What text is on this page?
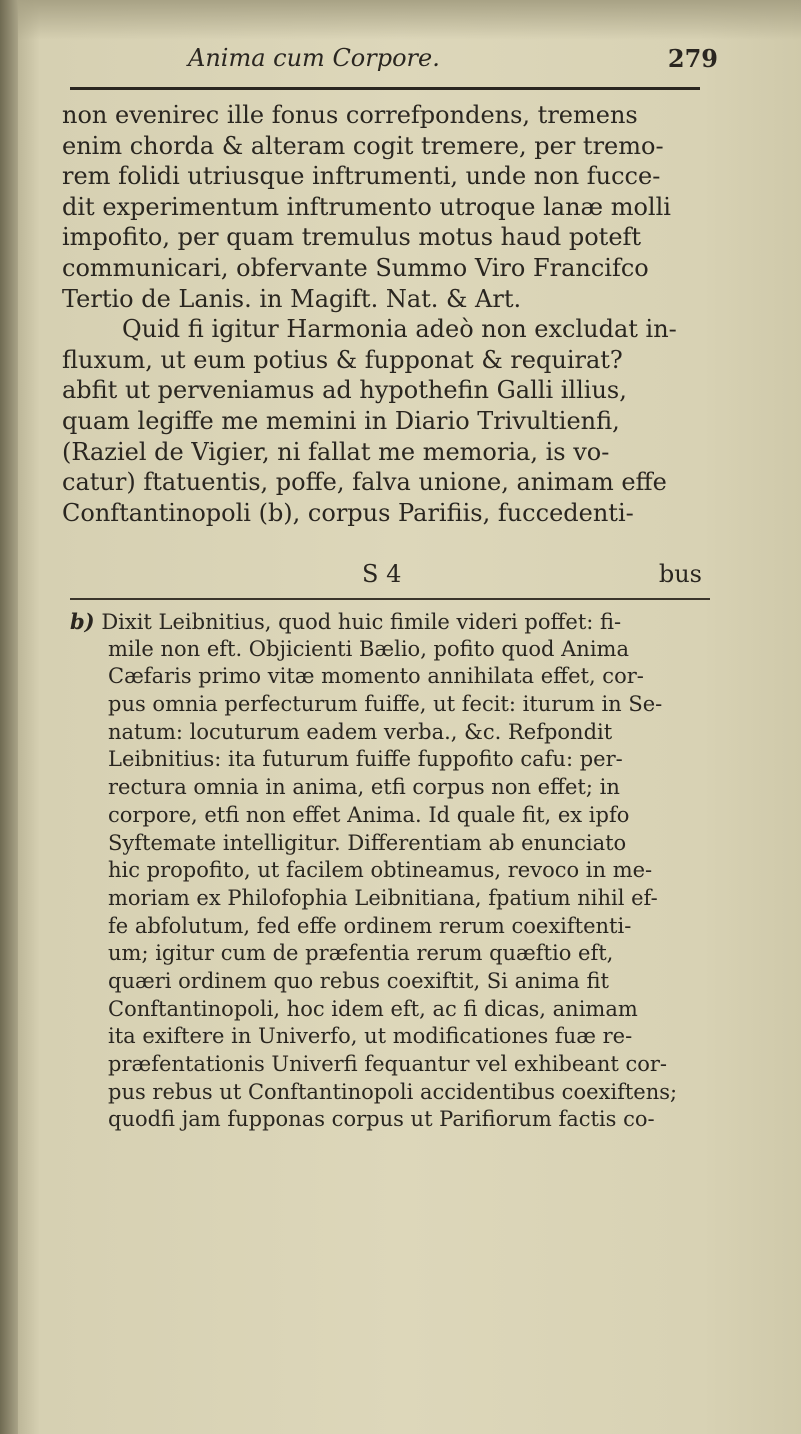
Anima cum Corpore.	279
non evenirec ille fonus correfpondens, tremens
enim chorda & alteram cogit tremere, per tremo-
rem folidi utriusque inftrumenti, unde non fucce-
dit experimentum inftrumento utroque lanæ molli
impofito, per quam tremulus motus haud poteft
communicari, obfervante Summo Viro Francifco
Tertio de Lanis. in Magift. Nat. & Art.
Quid fi igitur Harmonia adeò non excludat in-
fluxum, ut eum potius & fupponat & requirat?
abfit ut perveniamus ad hypothefin Galli illius,
quam legiffe me memini in Diario Trivultienfi,
(Raziel de Vigier, ni fallat me memoria, is vo-
catur) ftatuentis, poffe, falva unione, animam effe
Conftantinopoli (b), corpus Parifiis, fuccedenti-
S 4	bus
b) Dixit Leibnitius, quod huic fimile videri poffet: fi-
mile non eft. Objicienti Bælio, pofito quod Anima
Cæfaris primo vitæ momento annihilata effet, cor-
pus omnia perfecturum fuiffe, ut fecit: iturum in Se-
natum: locuturum eadem verba., &c. Refpondit
Leibnitius: ita futurum fuiffe fuppofito cafu: per-
rectura omnia in anima, etfi corpus non effet; in
corpore, etfi non effet Anima. Id quale fit, ex ipfo
Syftemate intelligitur. Differentiam ab enunciato
hic propofito, ut facilem obtineamus, revoco in me-
moriam ex Philofophia Leibnitiana, fpatium nihil ef-
fe abfolutum, fed effe ordinem rerum coexiftenti-
um; igitur cum de præfentia rerum quæftio eft,
quæri ordinem quo rebus coexiftit, Si anima fit
Conftantinopoli, hoc idem eft, ac fi dicas, animam
ita exiftere in Univerfo, ut modificationes fuæ re-
præfentationis Univerfi fequantur vel exhibeant cor-
pus rebus ut Conftantinopoli accidentibus coexiftens;
quodfi jam fupponas corpus ut Parifiorum factis co-
